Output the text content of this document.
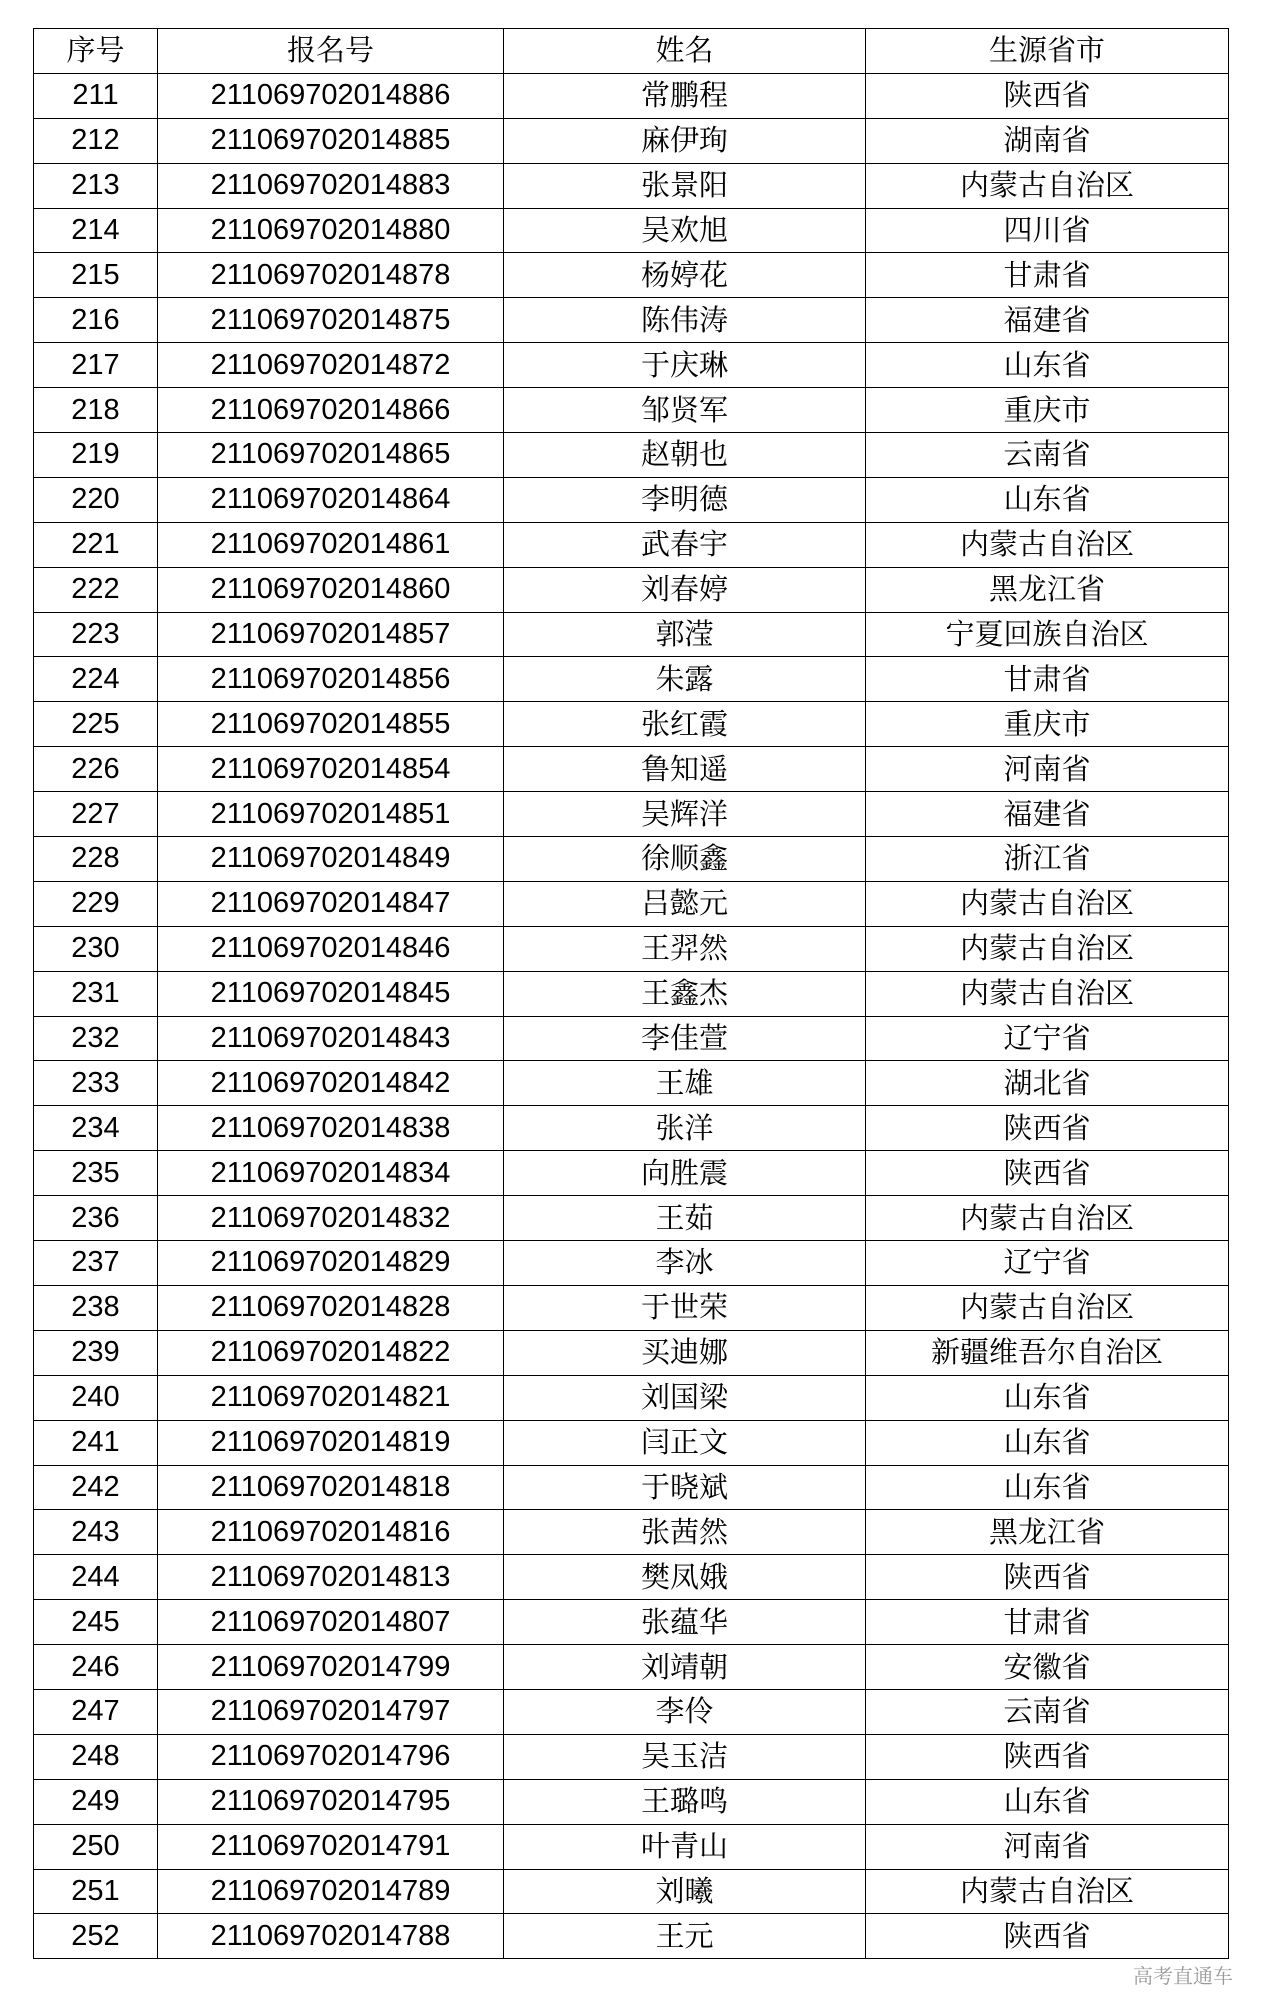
序号	报名号	姓名	生源省市
211	211069702014886	常鹏程	陕西省
212	211069702014885	麻伊珣	湖南省
213	211069702014883	张景阳	内蒙古自治区
214	211069702014880	吴欢旭	四川省
215	211069702014878	杨婷花	甘肃省
216	211069702014875	陈伟涛	福建省
217	211069702014872	于庆琳	山东省
218	211069702014866	邹贤军	重庆市
219	211069702014865	赵朝也	云南省
220	211069702014864	李明德	山东省
221	211069702014861	武春宇	内蒙古自治区
222	211069702014860	刘春婷	黑龙江省
223	211069702014857	郭滢	宁夏回族自治区
224	211069702014856	朱露	甘肃省
225	211069702014855	张红霞	重庆市
226	211069702014854	鲁知遥	河南省
227	211069702014851	吴辉洋	福建省
228	211069702014849	徐顺鑫	浙江省
229	211069702014847	吕懿元	内蒙古自治区
230	211069702014846	王羿然	内蒙古自治区
231	211069702014845	王鑫杰	内蒙古自治区
232	211069702014843	李佳萱	辽宁省
233	211069702014842	王雄	湖北省
234	211069702014838	张洋	陕西省
235	211069702014834	向胜震	陕西省
236	211069702014832	王茹	内蒙古自治区
237	211069702014829	李冰	辽宁省
238	211069702014828	于世荣	内蒙古自治区
239	211069702014822	买迪娜	新疆维吾尔自治区
240	211069702014821	刘国梁	山东省
241	211069702014819	闫正文	山东省
242	211069702014818	于晓斌	山东省
243	211069702014816	张茜然	黑龙江省
244	211069702014813	樊凤娥	陕西省
245	211069702014807	张蕴华	甘肃省
246	211069702014799	刘靖朝	安徽省
247	211069702014797	李伶	云南省
248	211069702014796	吴玉洁	陕西省
249	211069702014795	王璐鸣	山东省
250	211069702014791	叶青山	河南省
251	211069702014789	刘曦	内蒙古自治区
252	211069702014788	王元	陕西省
高考直通车
